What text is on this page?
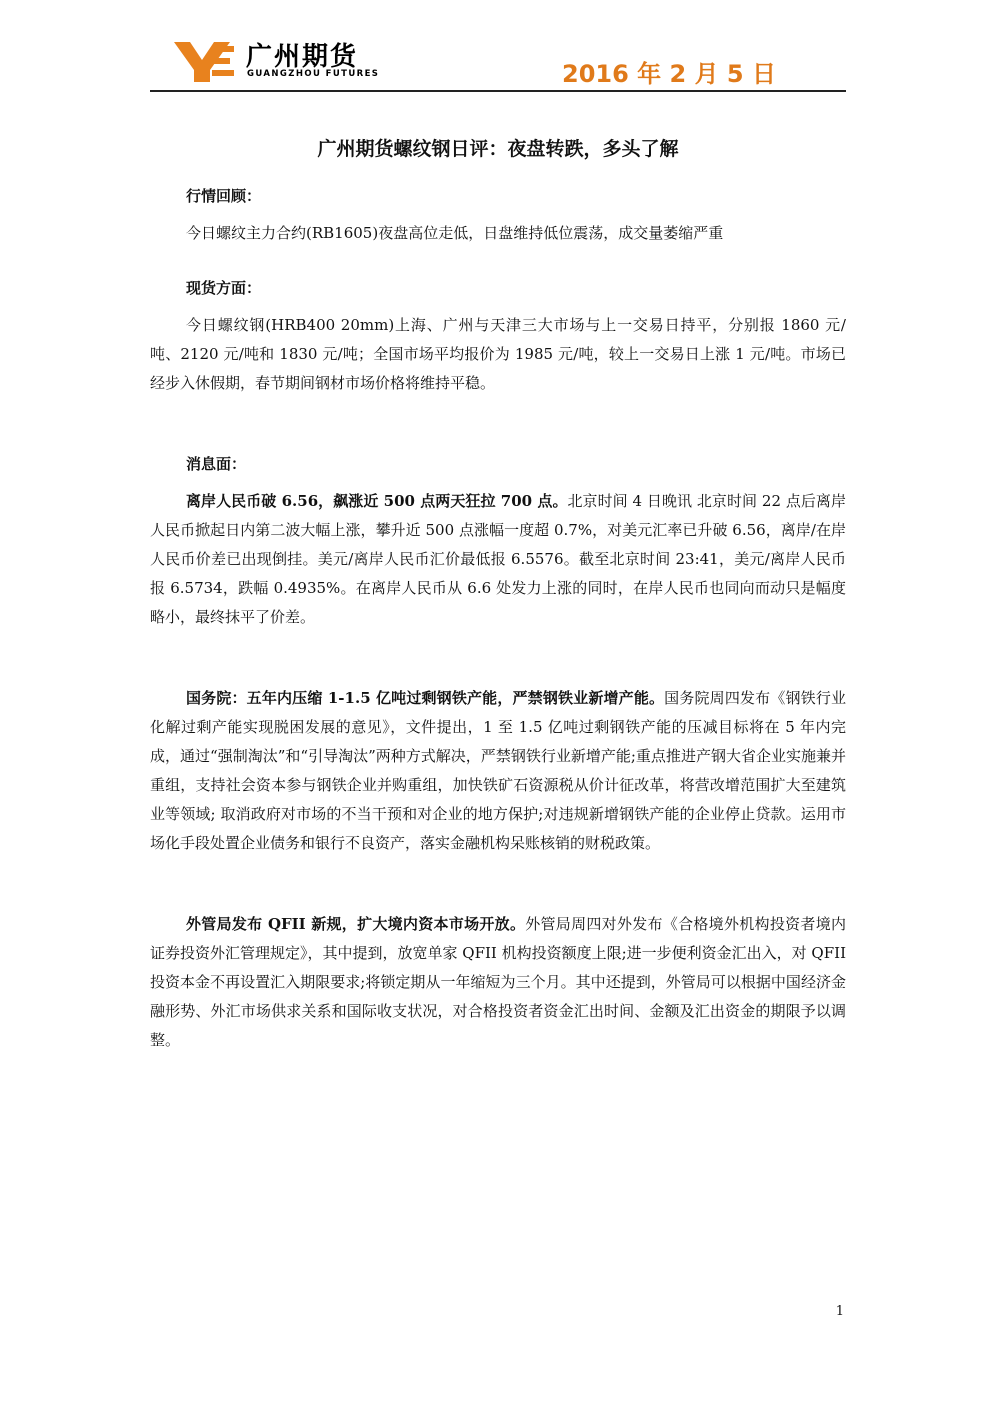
广州期货
GUANGZHOU FUTURES	2016 年 2 月 5 日
广州期货螺纹钢日评：夜盘转跌，多头了解

行情回顾：

今日螺纹主力合约(RB1605)夜盘高位走低，日盘维持低位震荡，成交量萎缩严重

现货方面：

今日螺纹钢(HRB400 20mm)上海、广州与天津三大市场与上一交易日持平，分别报 1860 元/吨、2120 元/吨和 1830 元/吨；全国市场平均报价为 1985 元/吨，较上一交易日上涨 1 元/吨。市场已经步入休假期，春节期间钢材市场价格将维持平稳。

消息面：

离岸人民币破 6.56，飙涨近 500 点两天狂拉 700 点。北京时间 4 日晚讯 北京时间 22 点后离岸人民币掀起日内第二波大幅上涨，攀升近 500 点涨幅一度超 0.7%，对美元汇率已升破 6.56，离岸/在岸人民币价差已出现倒挂。美元/离岸人民币汇价最低报 6.5576。截至北京时间 23:41，美元/离岸人民币报 6.5734，跌幅 0.4935%。在离岸人民币从 6.6 处发力上涨的同时，在岸人民币也同向而动只是幅度略小，最终抹平了价差。

国务院：五年内压缩 1-1.5 亿吨过剩钢铁产能，严禁钢铁业新增产能。国务院周四发布《钢铁行业化解过剩产能实现脱困发展的意见》，文件提出，1 至 1.5 亿吨过剩钢铁产能的压减目标将在 5 年内完成，通过“强制淘汰”和“引导淘汰”两种方式解决，严禁钢铁行业新增产能;重点推进产钢大省企业实施兼并重组，支持社会资本参与钢铁企业并购重组，加快铁矿石资源税从价计征改革，将营改增范围扩大至建筑业等领域; 取消政府对市场的不当干预和对企业的地方保护;对违规新增钢铁产能的企业停止贷款。运用市场化手段处置企业债务和银行不良资产，落实金融机构呆账核销的财税政策。

外管局发布 QFII 新规，扩大境内资本市场开放。外管局周四对外发布《合格境外机构投资者境内证券投资外汇管理规定》，其中提到，放宽单家 QFII 机构投资额度上限;进一步便利资金汇出入，对 QFII 投资本金不再设置汇入期限要求;将锁定期从一年缩短为三个月。其中还提到，外管局可以根据中国经济金融形势、外汇市场供求关系和国际收支状况，对合格投资者资金汇出时间、金额及汇出资金的期限予以调整。

1
